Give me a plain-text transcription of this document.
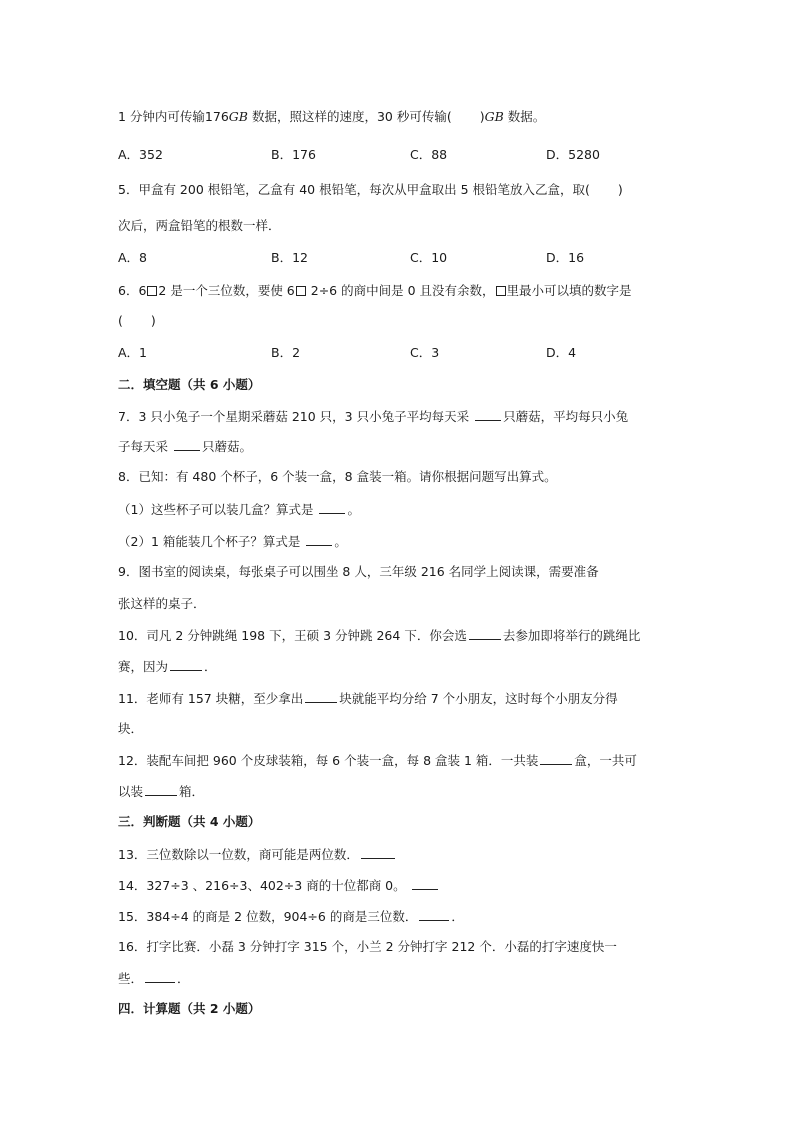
1 分钟内可传输176GB 数据，照这样的速度，30 秒可传输( )GB 数据。
A．352	B．176	C．88	D．5280
5．甲盒有 200 根铅笔，乙盒有 40 根铅笔，每次从甲盒取出 5 根铅笔放入乙盒，取( )
次后，两盒铅笔的根数一样．
A．8	B．12	C．10	D．16
6．6 2 是一个三位数，要使 6 2÷6 的商中间是 0 且没有余数， 里最小可以填的数字是
( )
A．1	B．2	C．3	D．4
二．填空题（共 6 小题）
7．3 只小兔子一个星期采蘑菇 210 只，3 只小兔子平均每天采 只蘑菇，平均每只小兔
子每天采 只蘑菇。
8．已知：有 480 个杯子，6 个装一盒，8 盒装一箱。请你根据问题写出算式。
（1）这些杯子可以装几盒？算式是 。
（2）1 箱能装几个杯子？算式是 。
9．图书室的阅读桌，每张桌子可以围坐 8 人，三年级 216 名同学上阅读课，需要准备
张这样的桌子．
10．司凡 2 分钟跳绳 198 下，王硕 3 分钟跳 264 下．你会选	去参加即将举行的跳绳比
赛，因为	．
11．老师有 157 块糖，至少拿出	块就能平均分给 7 个小朋友，这时每个小朋友分得
块．
12．装配车间把 960 个皮球装箱，每 6 个装一盒，每 8 盒装 1 箱．一共装	盒，一共可
以装	箱．
三．判断题（共 4 小题）
13．三位数除以一位数，商可能是两位数．
14．327÷3 、216÷3、402÷3 商的十位都商 0。
15．384÷4 的商是 2 位数，904÷6 的商是三位数．	．
16．打字比赛．小磊 3 分钟打字 315 个，小兰 2 分钟打字 212 个．小磊的打字速度快一
些．	．
四．计算题（共 2 小题）
